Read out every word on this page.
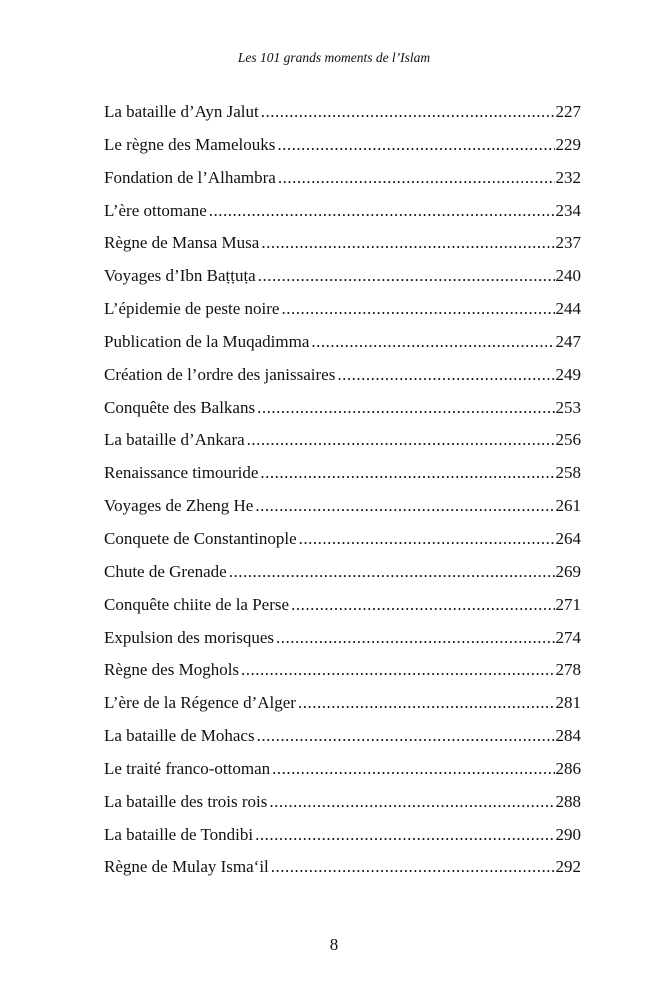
Les 101 grands moments de l’Islam
La bataille d’Ayn Jalut .....	227
Le règne des Mamelouks .....	229
Fondation de l’Alhambra .....	232
L’ère ottomane .....	234
Règne de Mansa Musa .....	237
Voyages d’Ibn Baṭṭuṭa .....	240
L’épidemie de peste noire .....	244
Publication de la Muqadimma .....	247
Création de l’ordre des janissaires .....	249
Conquête des Balkans .....	253
La bataille d’Ankara .....	256
Renaissance timouride .....	258
Voyages de Zheng He .....	261
Conquete de Constantinople .....	264
Chute de Grenade .....	269
Conquête chiite de la Perse .....	271
Expulsion des morisques .....	274
Règne des Moghols .....	278
L’ère de la Régence d’Alger .....	281
La bataille de Mohacs .....	284
Le traité franco-ottoman .....	286
La bataille des trois rois .....	288
La bataille de Tondibi .....	290
Règne de Mulay Isma‘il .....	292
8
